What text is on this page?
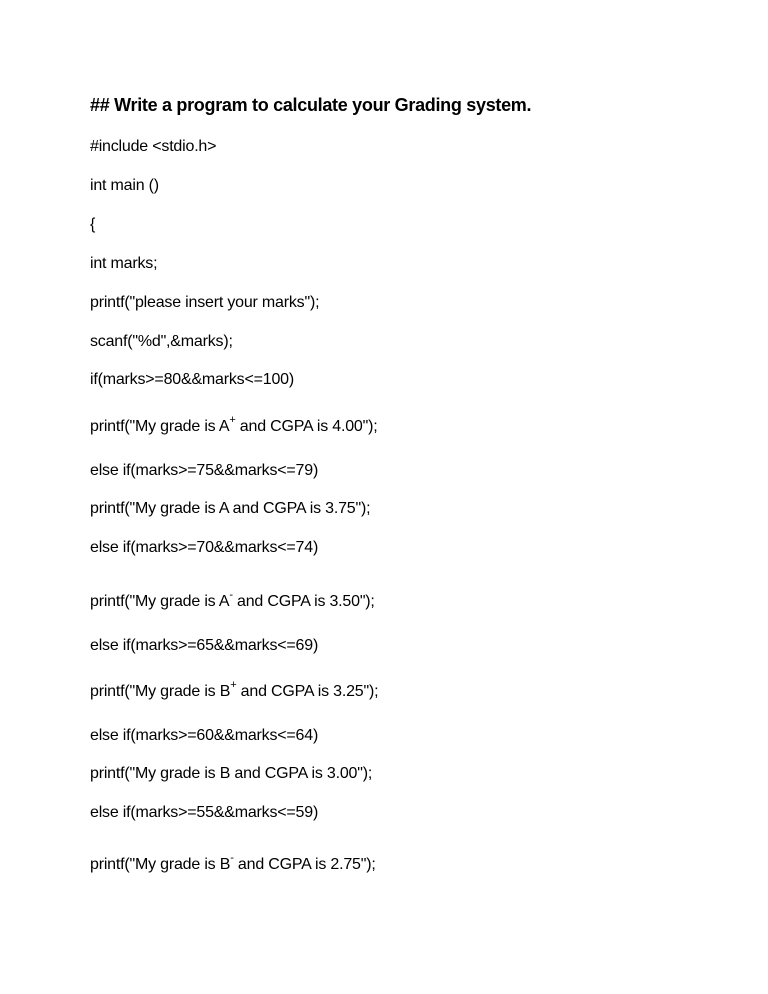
## Write a program to calculate your Grading system.
#include <stdio.h>
int main ()
{
int marks;
printf("please insert your marks");
scanf("%d",&marks);
if(marks>=80&&marks<=100)
printf("My grade is A+ and CGPA is 4.00");
else if(marks>=75&&marks<=79)
printf("My grade is A and CGPA is 3.75");
else if(marks>=70&&marks<=74)
printf("My grade is A- and CGPA is 3.50");
else if(marks>=65&&marks<=69)
printf("My grade is B+ and CGPA is 3.25");
else if(marks>=60&&marks<=64)
printf("My grade is B and CGPA is 3.00");
else if(marks>=55&&marks<=59)
printf("My grade is B- and CGPA is 2.75");
